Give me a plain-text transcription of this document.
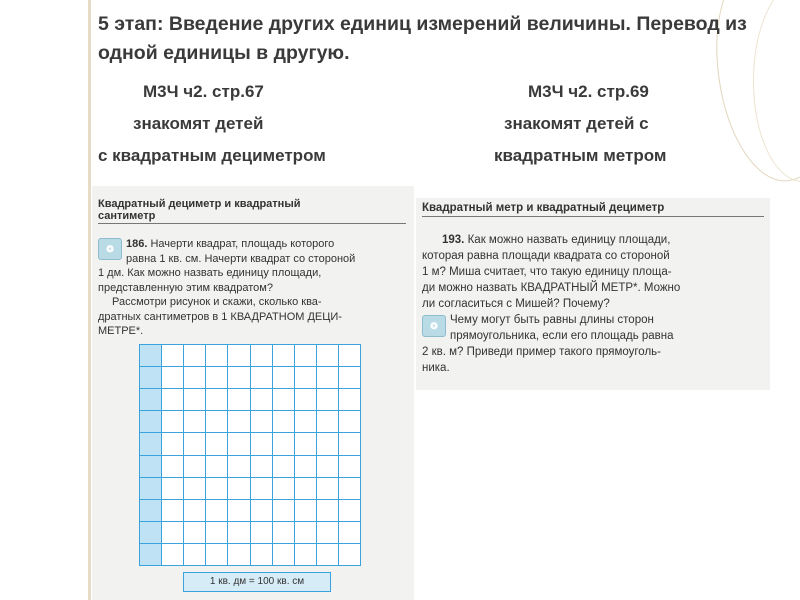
5 этап: Введение других единиц измерений величины. Перевод из одной единицы в другую.
М3Ч ч2. стр.67
знакомят детей
с квадратным дециметром
М3Ч ч2. стр.69
знакомят детей с
квадратным метром
Квадратный дециметр и квадратный
сантиметр
❂	186. Начерти квадрат, площадь которого
равна 1 кв. см. Начерти квадрат со стороной
1 дм. Как можно назвать единицу площади,
представленную этим квадратом?
Рассмотри рисунок и скажи, сколько ква-
дратных сантиметров в 1 КВАДРАТНОМ ДЕЦИ-
МЕТРЕ*.
1 кв. дм = 100 кв. см
Квадратный метр и квадратный дециметр
193. Как можно назвать единицу площади,
которая равна площади квадрата со стороной
1 м? Миша считает, что такую единицу площа-
ди можно назвать КВАДРАТНЫЙ МЕТР*. Можно
ли согласиться с Мишей? Почему?
❂	Чему могут быть равны длины сторон
прямоугольника, если его площадь равна
2 кв. м? Приведи пример такого прямоуголь-
ника.
